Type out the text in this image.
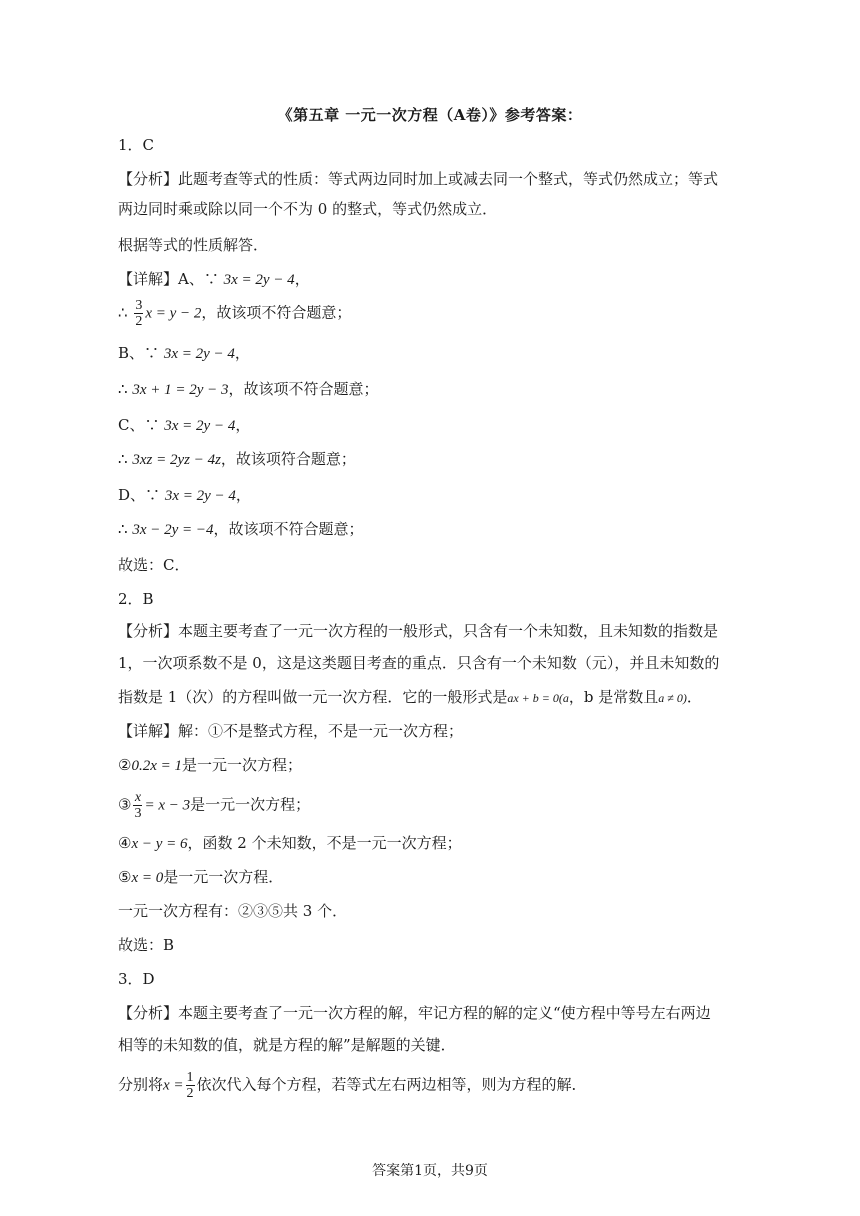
《第五章 一元一次方程（A卷）》参考答案：
1．C
【分析】此题考查等式的性质：等式两边同时加上或减去同一个整式，等式仍然成立；等式
两边同时乘或除以同一个不为 0 的整式，等式仍然成立．
根据等式的性质解答．
【详解】A、∵ 3x = 2y − 4，
∴ $\frac{3}{2}$ x = y − 2，故该项不符合题意；
B、∵ 3x = 2y − 4，
∴ 3x + 1 = 2y − 3，故该项不符合题意；
C、∵ 3x = 2y − 4，
∴ 3xz = 2yz − 4z，故该项符合题意；
D、∵ 3x = 2y − 4，
∴ 3x − 2y = −4，故该项不符合题意；
故选：C．
2．B
【分析】本题主要考查了一元一次方程的一般形式，只含有一个未知数，且未知数的指数是
1，一次项系数不是 0，这是这类题目考查的重点．只含有一个未知数（元），并且未知数的
指数是 1（次）的方程叫做一元一次方程．它的一般形式是ax + b = 0(a，b 是常数且a ≠ 0)．
【详解】解：①不是整式方程，不是一元一次方程；
②0.2x = 1是一元一次方程；
③ $\frac{x}{3} = x - 3$是一元一次方程；
④x − y = 6，函数 2 个未知数，不是一元一次方程；
⑤x = 0是一元一次方程．
一元一次方程有：②③⑤共 3 个．
故选：B
3．D
【分析】本题主要考查了一元一次方程的解，牢记方程的解的定义“使方程中等号左右两边
相等的未知数的值，就是方程的解”是解题的关键．
分别将$x = \frac{1}{2}$ 依次代入每个方程，若等式左右两边相等，则为方程的解．
答案第1页，共9页
